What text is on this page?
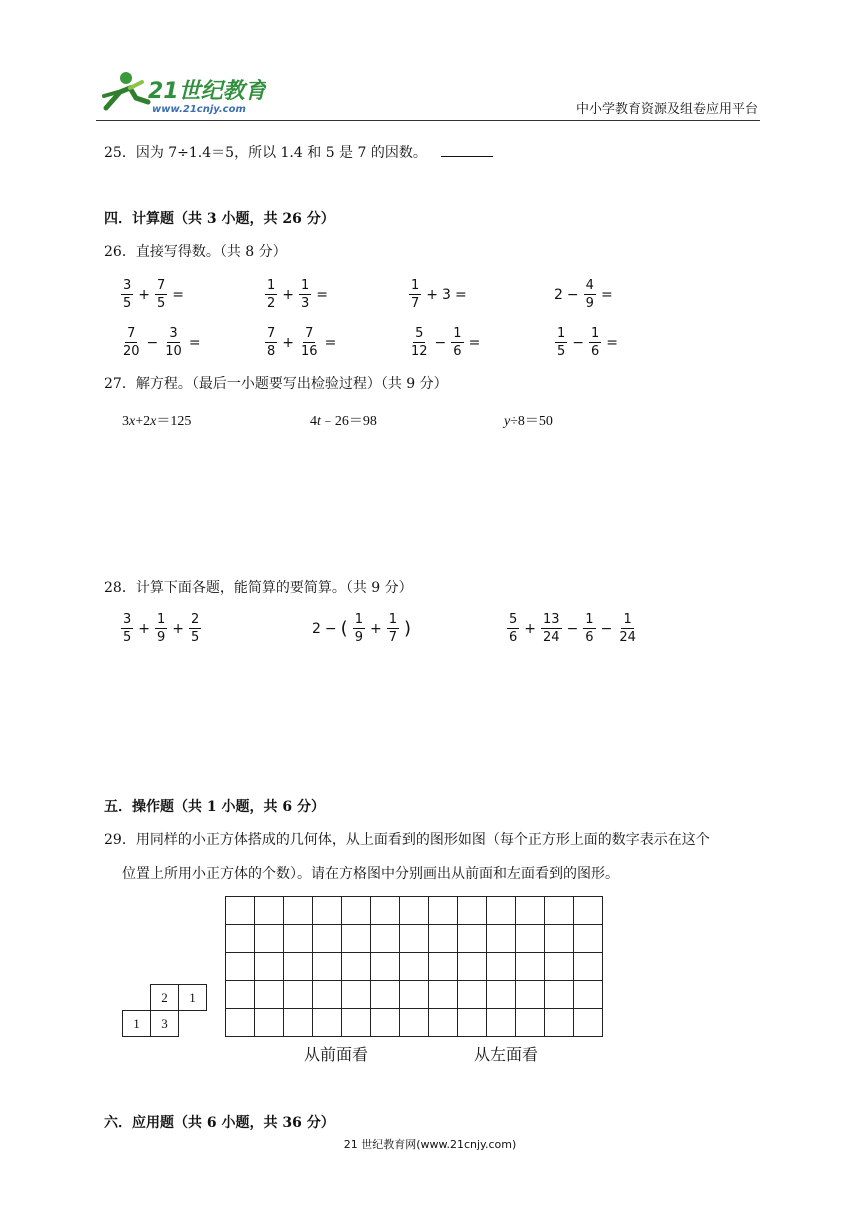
21世纪教育
www.21cnjy.com	中小学教育资源及组卷应用平台
25．因为 7÷1.4＝5，所以 1.4 和 5 是 7 的因数。
四．计算题（共 3 小题，共 26 分）
26．直接写得数。（共 8 分）
$\frac{3}{5} + \frac{7}{5}$ =	$\frac{1}{2} + \frac{1}{3}$ =	$\frac{1}{7} + 3$ =	$2 - \frac{4}{9}$ =
$\frac{7}{20} - \frac{3}{10}$ =	$\frac{7}{8} + \frac{7}{16}$ =	$\frac{5}{12} - \frac{1}{6}$ =	$\frac{1}{5} - \frac{1}{6}$ =
27．解方程。（最后一小题要写出检验过程）（共 9 分）
3x+2x＝125	4t﹣26＝98	y÷8＝50
28．计算下面各题，能简算的要简算。（共 9 分）
$\frac{3}{5} + \frac{1}{9} + \frac{2}{5}$	2 − ( $\frac{1}{9} + \frac{1}{7}$ )	$\frac{5}{6} + \frac{13}{24} - \frac{1}{6} - \frac{1}{24}$
五．操作题（共 1 小题，共 6 分）
29．用同样的小正方体搭成的几何体，从上面看到的图形如图（每个正方形上面的数字表示在这个
位置上所用小正方体的个数）。请在方格图中分别画出从前面和左面看到的图形。
	2	1
1	3	

从前面看	从左面看
六．应用题（共 6 小题，共 36 分）
21 世纪教育网(www.21cnjy.com)
